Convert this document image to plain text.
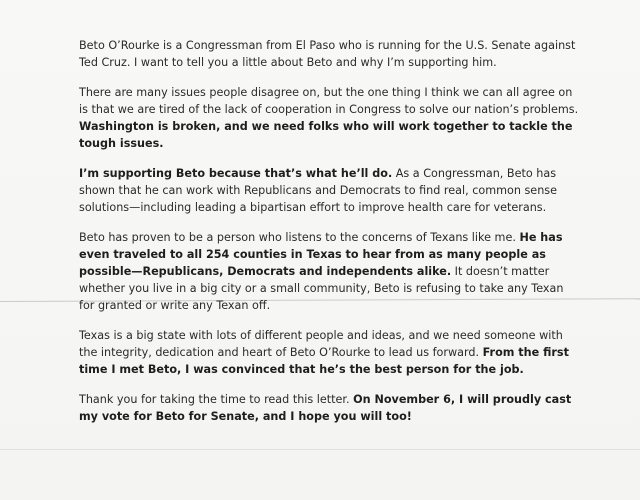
Beto O’Rourke is a Congressman from El Paso who is running for the U.S. Senate against Ted Cruz. I want to tell you a little about Beto and why I’m supporting him.

There are many issues people disagree on, but the one thing I think we can all agree on is that we are tired of the lack of cooperation in Congress to solve our nation’s problems. Washington is broken, and we need folks who will work together to tackle the tough issues.

I’m supporting Beto because that’s what he’ll do. As a Congressman, Beto has shown that he can work with Republicans and Democrats to find real, common sense solutions—including leading a bipartisan effort to improve health care for veterans.

Beto has proven to be a person who listens to the concerns of Texans like me. He has even traveled to all 254 counties in Texas to hear from as many people as possible—Republicans, Democrats and independents alike. It doesn’t matter whether you live in a big city or a small community, Beto is refusing to take any Texan for granted or write any Texan off.

Texas is a big state with lots of different people and ideas, and we need someone with the integrity, dedication and heart of Beto O’Rourke to lead us forward. From the first time I met Beto, I was convinced that he’s the best person for the job.

Thank you for taking the time to read this letter. On November 6, I will proudly cast my vote for Beto for Senate, and I hope you will too!
